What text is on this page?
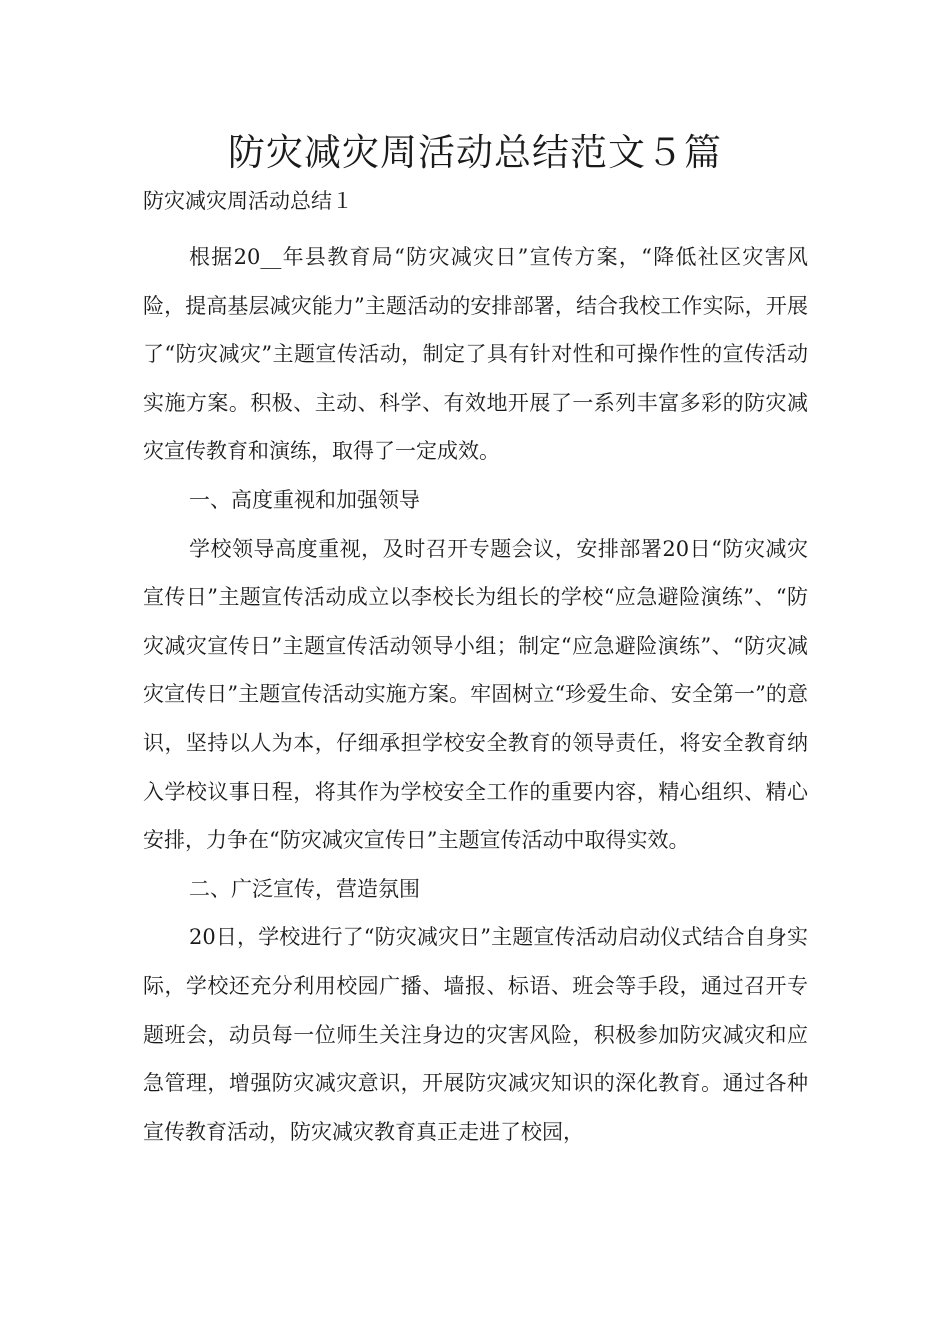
防灾减灾周活动总结范文５篇

防灾减灾周活动总结１

根据20__年县教育局“防灾减灾日”宣传方案，“降低社区灾害风险，提高基层减灾能力”主题活动的安排部署，结合我校工作实际，开展了“防灾减灾”主题宣传活动，制定了具有针对性和可操作性的宣传活动实施方案。积极、主动、科学、有效地开展了一系列丰富多彩的防灾减灾宣传教育和演练，取得了一定成效。

一、高度重视和加强领导

学校领导高度重视，及时召开专题会议，安排部署20日“防灾减灾宣传日”主题宣传活动成立以李校长为组长的学校“应急避险演练”、“防灾减灾宣传日”主题宣传活动领导小组；制定“应急避险演练”、“防灾减灾宣传日”主题宣传活动实施方案。牢固树立“珍爱生命、安全第一”的意识，坚持以人为本，仔细承担学校安全教育的领导责任，将安全教育纳入学校议事日程，将其作为学校安全工作的重要内容，精心组织、精心安排，力争在“防灾减灾宣传日”主题宣传活动中取得实效。

二、广泛宣传，营造氛围

20日，学校进行了“防灾减灾日”主题宣传活动启动仪式结合自身实际，学校还充分利用校园广播、墙报、标语、班会等手段，通过召开专题班会，动员每一位师生关注身边的灾害风险，积极参加防灾减灾和应急管理，增强防灾减灾意识，开展防灾减灾知识的深化教育。通过各种宣传教育活动，防灾减灾教育真正走进了校园，
